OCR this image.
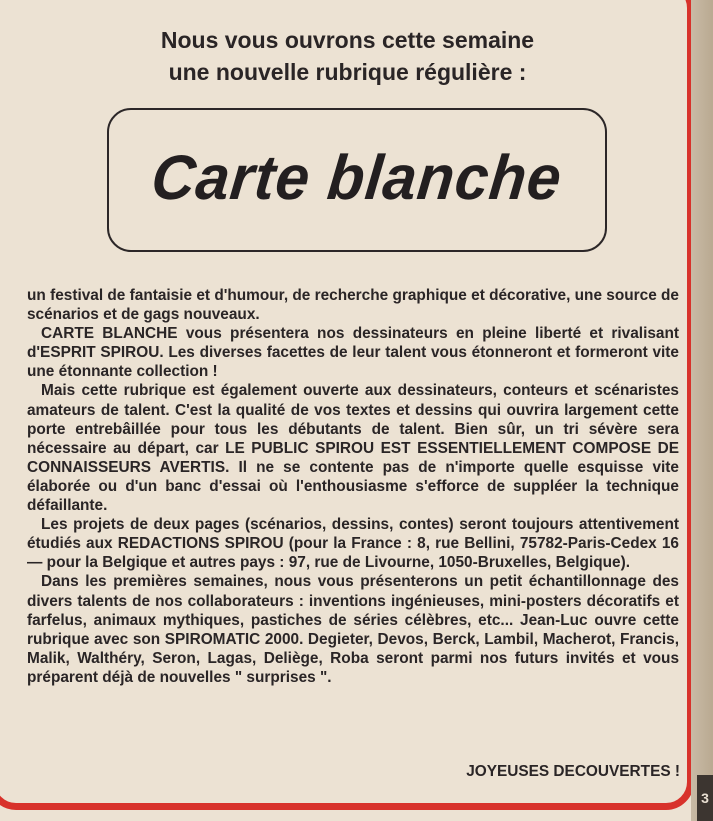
Nous vous ouvrons cette semaine
une nouvelle rubrique régulière :
Carte blanche

un festival de fantaisie et d'humour, de recherche graphique et décorative, une source de scénarios et de gags nouveaux.

CARTE BLANCHE vous présentera nos dessinateurs en pleine liberté et rivalisant d'ESPRIT SPIROU. Les diverses facettes de leur talent vous étonneront et formeront vite une étonnante collection !

Mais cette rubrique est également ouverte aux dessinateurs, conteurs et scénaristes amateurs de talent. C'est la qualité de vos textes et dessins qui ouvrira largement cette porte entrebâillée pour tous les débutants de talent. Bien sûr, un tri sévère sera nécessaire au départ, car LE PUBLIC SPIROU EST ESSENTIELLEMENT COMPOSE DE CONNAISSEURS AVERTIS. Il ne se contente pas de n'importe quelle esquisse vite élaborée ou d'un banc d'essai où l'enthousiasme s'efforce de suppléer la technique défaillante.

Les projets de deux pages (scénarios, dessins, contes) seront toujours attentivement étudiés aux REDACTIONS SPIROU (pour la France : 8, rue Bellini, 75782-Paris-Cedex 16 — pour la Belgique et autres pays : 97, rue de Livourne, 1050-Bruxelles, Belgique).

Dans les premières semaines, nous vous présenterons un petit échantillonnage des divers talents de nos collaborateurs : inventions ingénieuses, mini-posters décoratifs et farfelus, animaux mythiques, pastiches de séries célèbres, etc... Jean-Luc ouvre cette rubrique avec son SPIROMATIC 2000. Degieter, Devos, Berck, Lambil, Macherot, Francis, Malik, Walthéry, Seron, Lagas, Deliège, Roba seront parmi nos futurs invités et vous préparent déjà de nouvelles " surprises ".

JOYEUSES DECOUVERTES !
3
